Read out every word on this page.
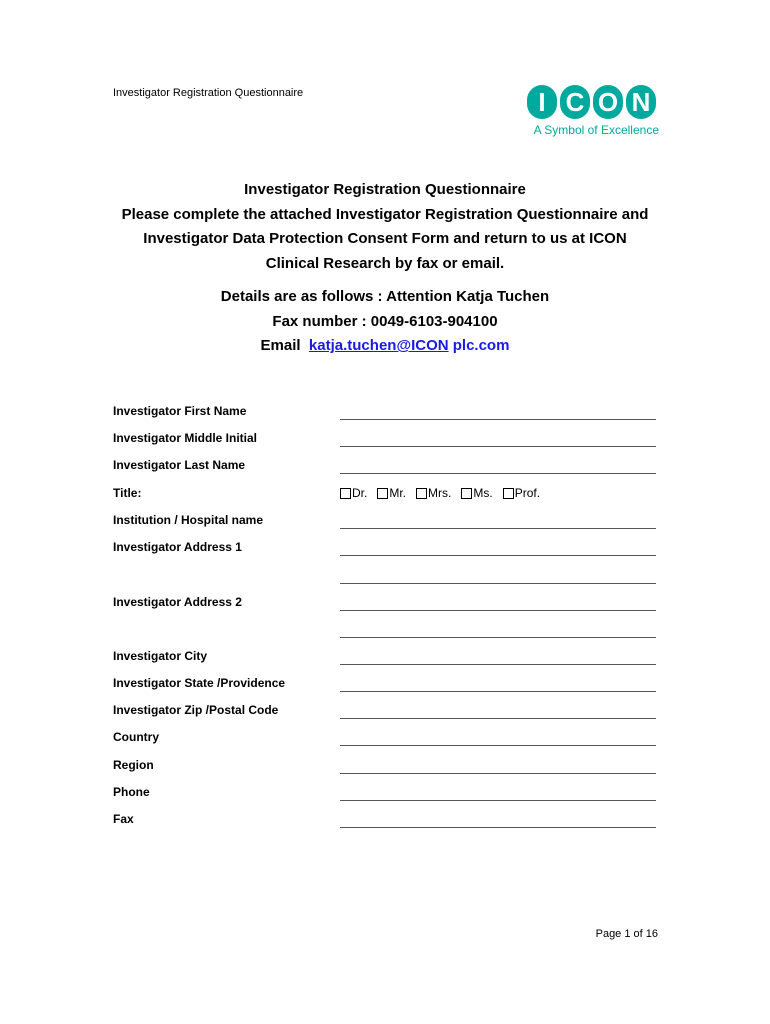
Investigator Registration Questionnaire	I C O N
A Symbol of Excellence
Investigator Registration Questionnaire
Please complete the attached Investigator Registration Questionnaire and
Investigator Data Protection Consent Form and return to us at ICON
Clinical Research by fax or email.
Details are as follows : Attention Katja Tuchen
Fax number : 0049-6103-904100
Email katja.tuchen@ICON plc.com
Investigator First Name
Investigator Middle Initial
Investigator Last Name
Title:	Dr. Mr. Mrs. Ms. Prof.
Institution / Hospital name
Investigator Address 1
Investigator Address 2
Investigator City
Investigator State /Providence
Investigator Zip /Postal Code
Country
Region
Phone
Fax
Page 1 of 16
